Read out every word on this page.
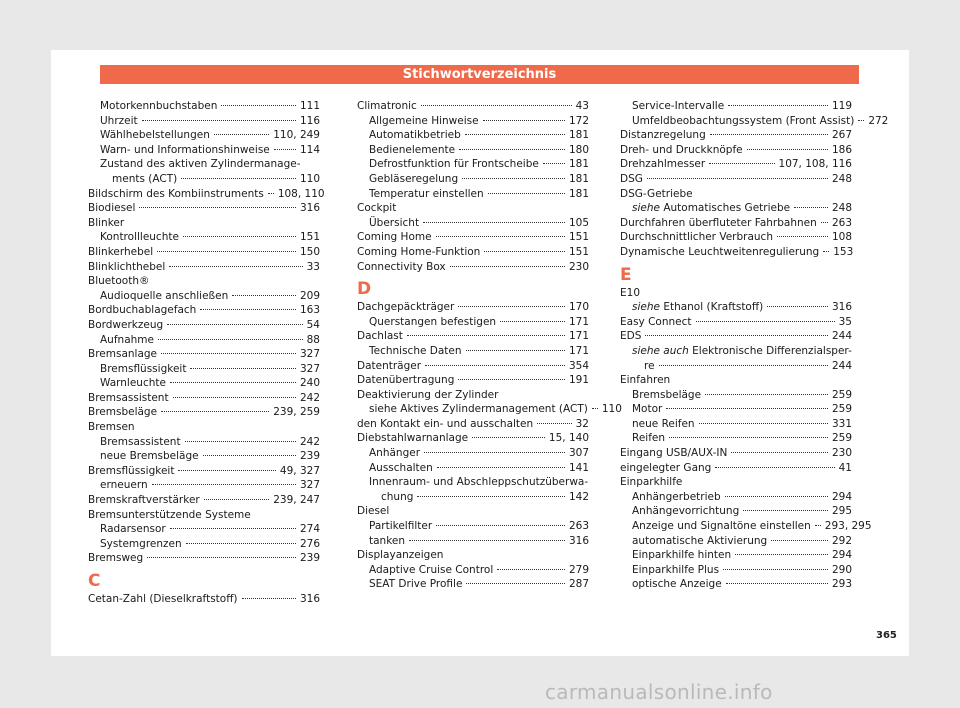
Stichwortverzeichnis
Motorkennbuchstaben	111
Uhrzeit	116
Wählhebelstellungen	110, 249
Warn- und Informationshinweise	114
Zustand des aktiven Zylindermanage-
ments (ACT)	110
Bildschirm des Kombiinstruments 108, 110
Biodiesel	316
Blinker
Kontrollleuchte	151
Blinkerhebel	150
Blinklichthebel	33
Bluetooth®
Audioquelle anschließen	209
Bordbuchablagefach	163
Bordwerkzeug	54
Aufnahme	88
Bremsanlage	327
Bremsflüssigkeit	327
Warnleuchte	240
Bremsassistent	242
Bremsbeläge	239, 259
Bremsen
Bremsassistent	242
neue Bremsbeläge	239
Bremsflüssigkeit	49, 327
erneuern	327
Bremskraftverstärker	239, 247
Bremsunterstützende Systeme
Radarsensor	274
Systemgrenzen	276
Bremsweg	239
C
Cetan-Zahl (Dieselkraftstoff)	316
Climatronic	43
Allgemeine Hinweise	172
Automatikbetrieb	181
Bedienelemente	180
Defrostfunktion für Frontscheibe	181
Gebläseregelung	181
Temperatur einstellen	181
Cockpit
Übersicht	105
Coming Home	151
Coming Home-Funktion	151
Connectivity Box	230
D
Dachgepäckträger	170
Querstangen befestigen	171
Dachlast	171
Technische Daten	171
Datenträger	354
Datenübertragung	191
Deaktivierung der Zylinder
siehe Aktives Zylindermanagement (ACT) 110
den Kontakt ein- und ausschalten	32
Diebstahlwarnanlage	15, 140
Anhänger	307
Ausschalten	141
Innenraum- und Abschleppschutzüberwa-
chung	142
Diesel
Partikelfilter	263
tanken	316
Displayanzeigen
Adaptive Cruise Control	279
SEAT Drive Profile	287
Service-Intervalle	119
Umfeldbeobachtungssystem (Front Assist) 272
Distanzregelung	267
Dreh- und Druckknöpfe	186
Drehzahlmesser	107, 108, 116
DSG	248
DSG-Getriebe
siehe Automatisches Getriebe	248
Durchfahren überfluteter Fahrbahnen 263
Durchschnittlicher Verbrauch	108
Dynamische Leuchtweitenregulierung 153
E
E10
siehe Ethanol (Kraftstoff)	316
Easy Connect	35
EDS	244
siehe auch Elektronische Differenzialsper-
re	244
Einfahren
Bremsbeläge	259
Motor	259
neue Reifen	331
Reifen	259
Eingang USB/AUX-IN	230
eingelegter Gang	41
Einparkhilfe
Anhängerbetrieb	294
Anhängevorrichtung	295
Anzeige und Signaltöne einstellen 293, 295
automatische Aktivierung	292
Einparkhilfe hinten	294
Einparkhilfe Plus	290
optische Anzeige	293
365
carmanualsonline.info
